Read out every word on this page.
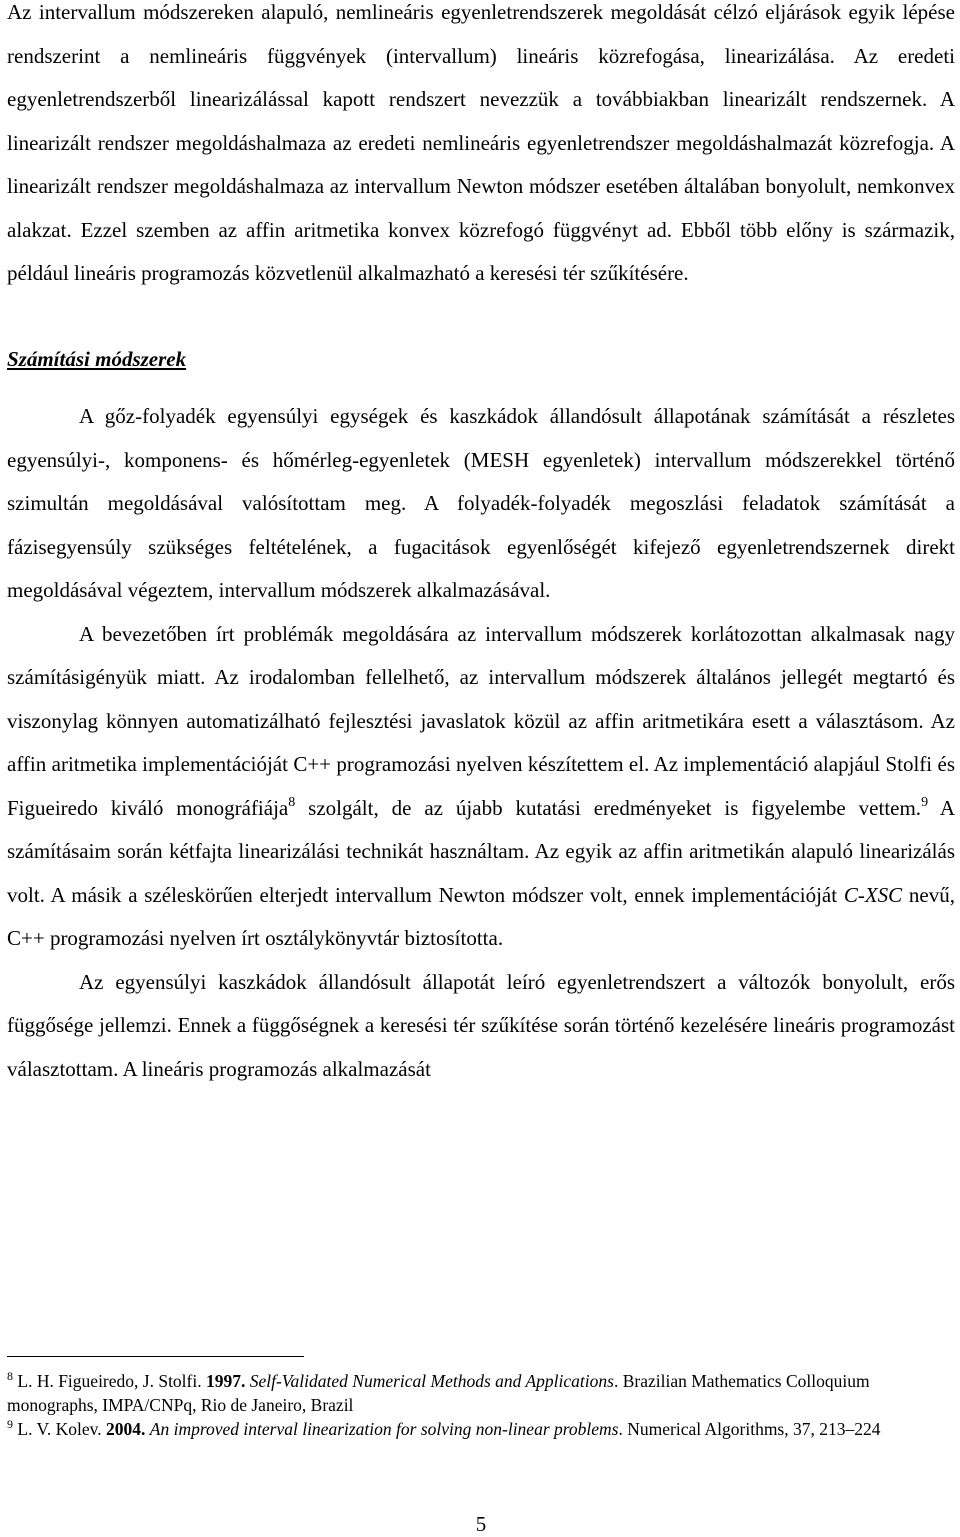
Az intervallum módszereken alapuló, nemlineáris egyenletrendszerek megoldását célzó eljárások egyik lépése rendszerint a nemlineáris függvények (intervallum) lineáris közrefogása, linearizálása. Az eredeti egyenletrendszerből linearizálással kapott rendszert nevezzük a továbbiakban linearizált rendszernek. A linearizált rendszer megoldáshalmaza az eredeti nemlineáris egyenletrendszer megoldáshalmazát közrefogja. A linearizált rendszer megoldáshalmaza az intervallum Newton módszer esetében általában bonyolult, nemkonvex alakzat. Ezzel szemben az affin aritmetika konvex közrefogó függvényt ad. Ebből több előny is származik, például lineáris programozás közvetlenül alkalmazható a keresési tér szűkítésére.

Számítási módszerek

A gőz-folyadék egyensúlyi egységek és kaszkádok állandósult állapotának számítását a részletes egyensúlyi-, komponens- és hőmérleg-egyenletek (MESH egyenletek) intervallum módszerekkel történő szimultán megoldásával valósítottam meg. A folyadék-folyadék megoszlási feladatok számítását a fázisegyensúly szükséges feltételének, a fugacitások egyenlőségét kifejező egyenletrendszernek direkt megoldásával végeztem, intervallum módszerek alkalmazásával.

A bevezetőben írt problémák megoldására az intervallum módszerek korlátozottan alkalmasak nagy számításigényük miatt. Az irodalomban fellelhető, az intervallum módszerek általános jellegét megtartó és viszonylag könnyen automatizálható fejlesztési javaslatok közül az affin aritmetikára esett a választásom. Az affin aritmetika implementációját C++ programozási nyelven készítettem el. Az implementáció alapjául Stolfi és Figueiredo kiváló monográfiája$^8$ szolgált, de az újabb kutatási eredményeket is figyelembe vettem.$^9$ A számításaim során kétfajta linearizálási technikát használtam. Az egyik az affin aritmetikán alapuló linearizálás volt. A másik a széleskörűen elterjedt intervallum Newton módszer volt, ennek implementációját C-XSC nevű, C++ programozási nyelven írt osztálykönyvtár biztosította.

Az egyensúlyi kaszkádok állandósult állapotát leíró egyenletrendszert a változók bonyolult, erős függősége jellemzi. Ennek a függőségnek a keresési tér szűkítése során történő kezelésére lineáris programozást választottam. A lineáris programozás alkalmazását

$^8$ L. H. Figueiredo, J. Stolfi. 1997. Self-Validated Numerical Methods and Applications. Brazilian Mathematics Colloquium monographs, IMPA/CNPq, Rio de Janeiro, Brazil

$^9$ L. V. Kolev. 2004. An improved interval linearization for solving non-linear problems. Numerical Algorithms, 37, 213–224

5
